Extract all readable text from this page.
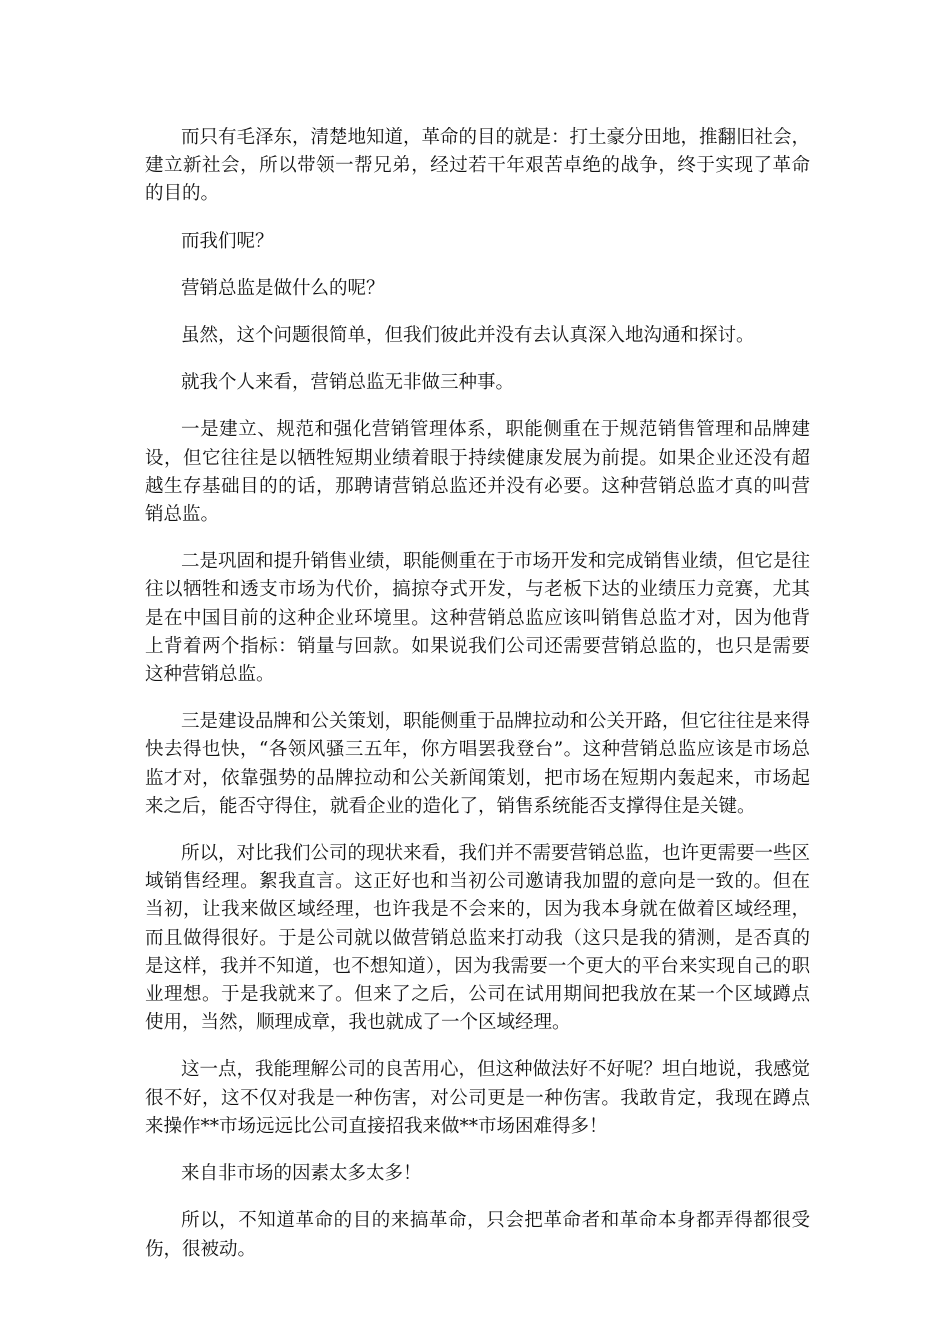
而只有毛泽东，清楚地知道，革命的目的就是：打土豪分田地，推翻旧社会，建立新社会，所以带领一帮兄弟，经过若干年艰苦卓绝的战争，终于实现了革命的目的。

而我们呢？

营销总监是做什么的呢？

虽然，这个问题很简单，但我们彼此并没有去认真深入地沟通和探讨。

就我个人来看，营销总监无非做三种事。

一是建立、规范和强化营销管理体系，职能侧重在于规范销售管理和品牌建设，但它往往是以牺牲短期业绩着眼于持续健康发展为前提。如果企业还没有超越生存基础目的的话，那聘请营销总监还并没有必要。这种营销总监才真的叫营销总监。

二是巩固和提升销售业绩，职能侧重在于市场开发和完成销售业绩，但它是往往以牺牲和透支市场为代价，搞掠夺式开发，与老板下达的业绩压力竞赛，尤其是在中国目前的这种企业环境里。这种营销总监应该叫销售总监才对，因为他背上背着两个指标：销量与回款。如果说我们公司还需要营销总监的，也只是需要这种营销总监。

三是建设品牌和公关策划，职能侧重于品牌拉动和公关开路，但它往往是来得快去得也快，“各领风骚三五年，你方唱罢我登台”。这种营销总监应该是市场总监才对，依靠强势的品牌拉动和公关新闻策划，把市场在短期内轰起来，市场起来之后，能否守得住，就看企业的造化了，销售系统能否支撑得住是关键。

所以，对比我们公司的现状来看，我们并不需要营销总监，也许更需要一些区域销售经理。絮我直言。这正好也和当初公司邀请我加盟的意向是一致的。但在当初，让我来做区域经理，也许我是不会来的，因为我本身就在做着区域经理，而且做得很好。于是公司就以做营销总监来打动我（这只是我的猜测，是否真的是这样，我并不知道，也不想知道），因为我需要一个更大的平台来实现自己的职业理想。于是我就来了。但来了之后，公司在试用期间把我放在某一个区域蹲点使用，当然，顺理成章，我也就成了一个区域经理。

这一点，我能理解公司的良苦用心，但这种做法好不好呢？坦白地说，我感觉很不好，这不仅对我是一种伤害，对公司更是一种伤害。我敢肯定，我现在蹲点来操作**市场远远比公司直接招我来做**市场困难得多！

来自非市场的因素太多太多！

所以，不知道革命的目的来搞革命，只会把革命者和革命本身都弄得都很受伤，很被动。
